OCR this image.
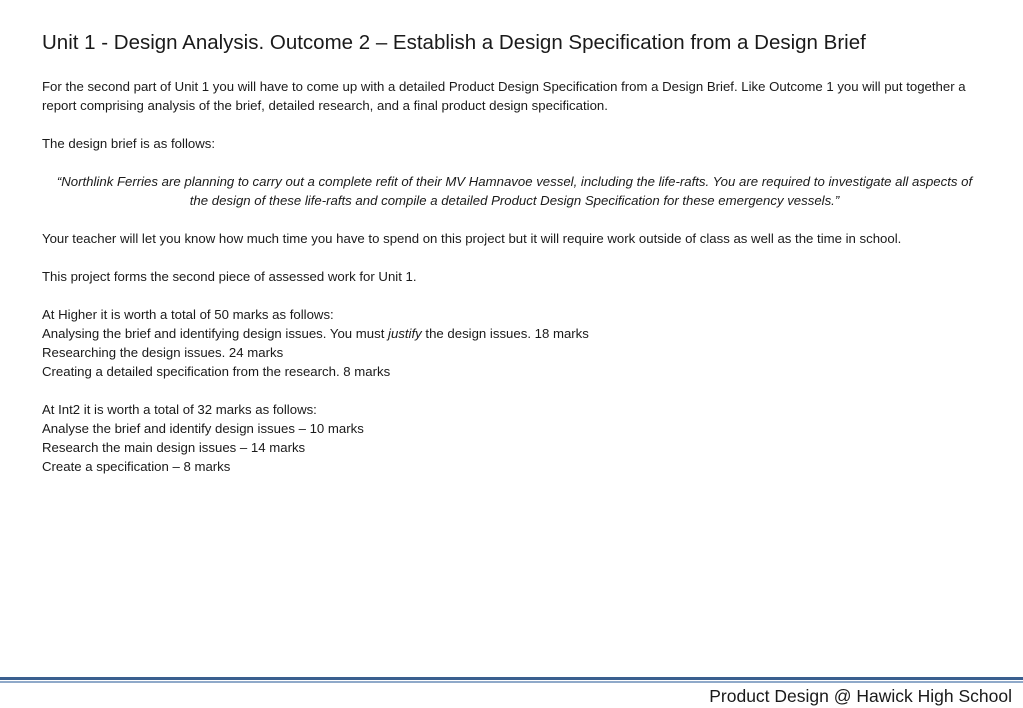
Unit 1 - Design Analysis. Outcome 2 – Establish a Design Specification from a Design Brief

For the second part of Unit 1 you will have to come up with a detailed Product Design Specification from a Design Brief. Like Outcome 1 you will put together a report comprising analysis of the brief, detailed research, and a final product design specification.

The design brief is as follows:

“Northlink Ferries are planning to carry out a complete refit of their MV Hamnavoe vessel, including the life-rafts. You are required to investigate all aspects of the design of these life-rafts and compile a detailed Product Design Specification for these emergency vessels.”

Your teacher will let you know how much time you have to spend on this project but it will require work outside of class as well as the time in school.

This project forms the second piece of assessed work for Unit 1.

At Higher it is worth a total of 50 marks as follows:

Analysing the brief and identifying design issues. You must justify the design issues. 18 marks

Researching the design issues. 24 marks

Creating a detailed specification from the research. 8 marks

At Int2 it is worth a total of 32 marks as follows:

Analyse the brief and identify design issues – 10 marks

Research the main design issues – 14 marks

Create a specification – 8 marks

Product Design @ Hawick High School
